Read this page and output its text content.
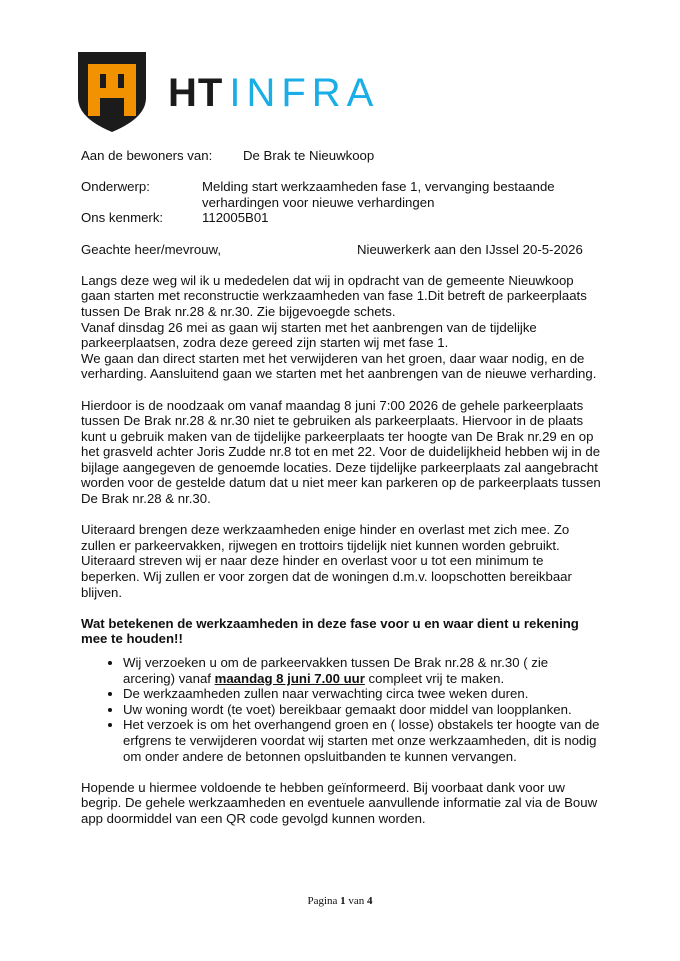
HT INFRA
Aan de bewoners van: De Brak te Nieuwkoop
Onderwerp:	Melding start werkzaamheden fase 1, vervanging bestaande verhardingen voor nieuwe verhardingen
Ons kenmerk:	112005B01
Geachte heer/mevrouw,	Nieuwerkerk aan den IJssel 20-5-2026

Langs deze weg wil ik u mededelen dat wij in opdracht van de gemeente Nieuwkoop gaan starten met reconstructie werkzaamheden van fase 1.Dit betreft de parkeerplaats tussen De Brak nr.28 & nr.30. Zie bijgevoegde schets.

Vanaf dinsdag 26 mei as gaan wij starten met het aanbrengen van de tijdelijke parkeerplaatsen, zodra deze gereed zijn starten wij met fase 1.

We gaan dan direct starten met het verwijderen van het groen, daar waar nodig, en de verharding. Aansluitend gaan we starten met het aanbrengen van de nieuwe verharding.

Hierdoor is de noodzaak om vanaf maandag 8 juni 7:00 2026 de gehele parkeerplaats tussen De Brak nr.28 & nr.30 niet te gebruiken als parkeerplaats. Hiervoor in de plaats kunt u gebruik maken van de tijdelijke parkeerplaats ter hoogte van De Brak nr.29 en op het grasveld achter Joris Zudde nr.8 tot en met 22. Voor de duidelijkheid hebben wij in de bijlage aangegeven de genoemde locaties. Deze tijdelijke parkeerplaats zal aangebracht worden voor de gestelde datum dat u niet meer kan parkeren op de parkeerplaats tussen De Brak nr.28 & nr.30.

Uiteraard brengen deze werkzaamheden enige hinder en overlast met zich mee. Zo zullen er parkeervakken, rijwegen en trottoirs tijdelijk niet kunnen worden gebruikt. Uiteraard streven wij er naar deze hinder en overlast voor u tot een minimum te beperken. Wij zullen er voor zorgen dat de woningen d.m.v. loopschotten bereikbaar blijven.

Wat betekenen de werkzaamheden in deze fase voor u en waar dient u rekening mee te houden!!

• Wij verzoeken u om de parkeervakken tussen De Brak nr.28 & nr.30 ( zie arcering) vanaf maandag 8 juni 7.00 uur compleet vrij te maken.
• De werkzaamheden zullen naar verwachting circa twee weken duren.
• Uw woning wordt (te voet) bereikbaar gemaakt door middel van loopplanken.
• Het verzoek is om het overhangend groen en ( losse) obstakels ter hoogte van de erfgrens te verwijderen voordat wij starten met onze werkzaamheden, dit is nodig om onder andere de betonnen opsluitbanden te kunnen vervangen.

Hopende u hiermee voldoende te hebben geïnformeerd. Bij voorbaat dank voor uw begrip. De gehele werkzaamheden en eventuele aanvullende informatie zal via de Bouw app doormiddel van een QR code gevolgd kunnen worden.

Pagina 1 van 4
